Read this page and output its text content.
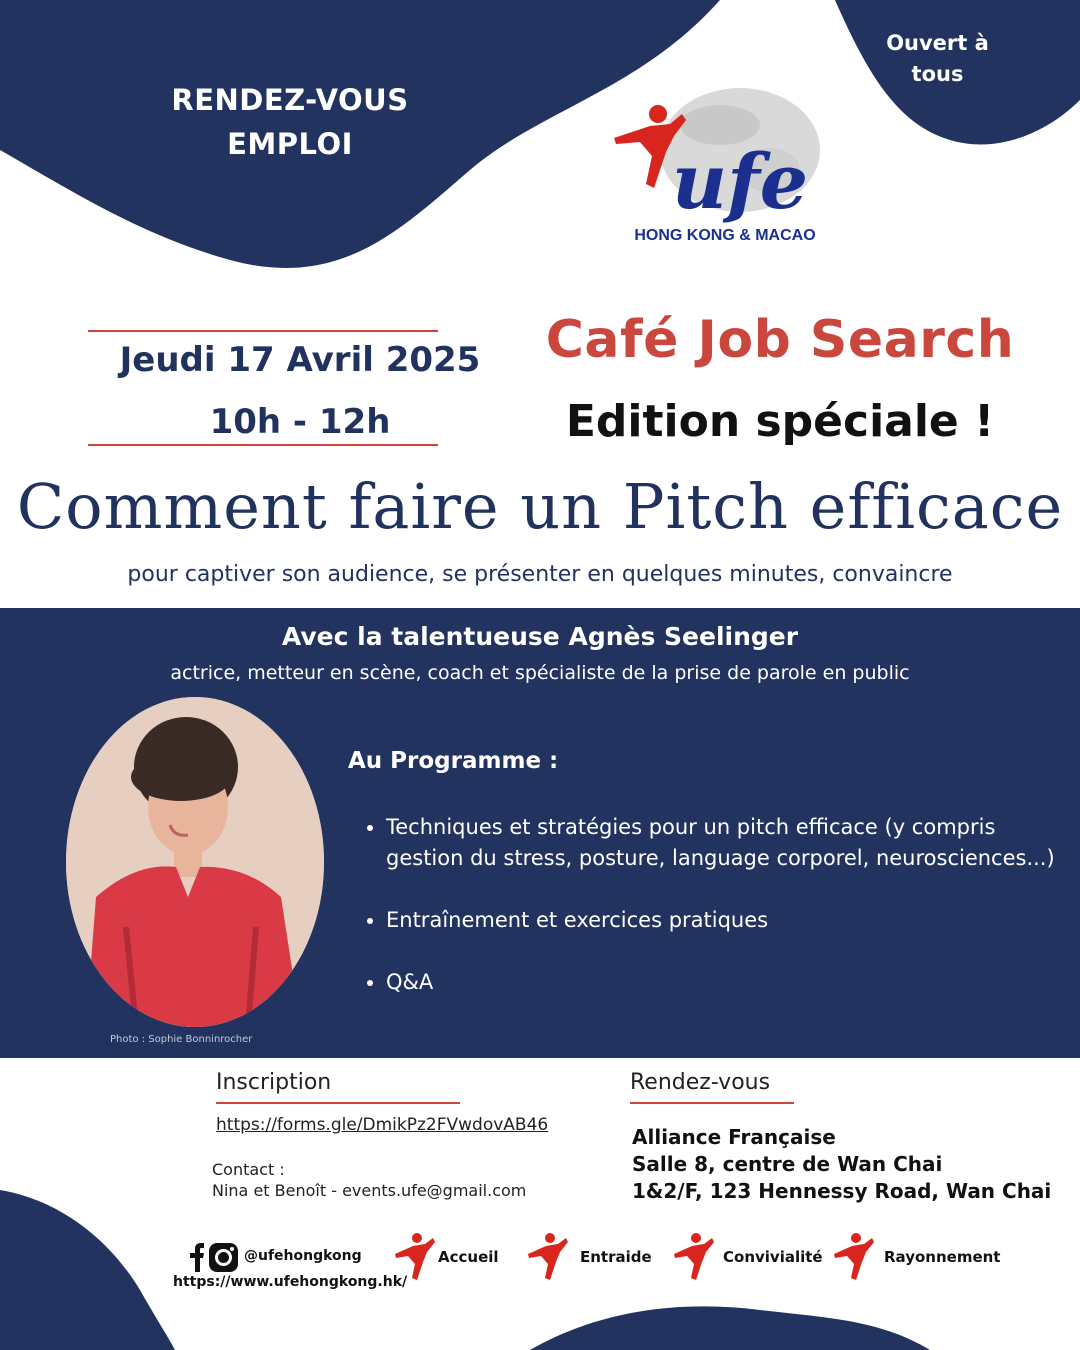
RENDEZ-VOUS
EMPLOI
Ouvert à
tous
ufe
HONG KONG & MACAO
Jeudi 17 Avril 2025
10h - 12h
Café Job Search
Edition spéciale !
Comment faire un Pitch efficace
pour captiver son audience, se présenter en quelques minutes, convaincre
Avec la talentueuse Agnès Seelinger
actrice, metteur en scène, coach et spécialiste de la prise de parole en public
Photo : Sophie Bonninrocher
Au Programme :
• Techniques et stratégies pour un pitch efficace (y compris gestion du stress, posture, language corporel, neurosciences...)
• Entraînement et exercices pratiques
• Q&A
Inscription
https://forms.gle/DmikPz2FVwdovAB46
Contact :
Nina et Benoît - events.ufe@gmail.com
Rendez-vous
Alliance Française
Salle 8, centre de Wan Chai
1&2/F, 123 Hennessy Road, Wan Chai
@ufehongkong
https://www.ufehongkong.hk/
Accueil	Entraide	Convivialité	Rayonnement
